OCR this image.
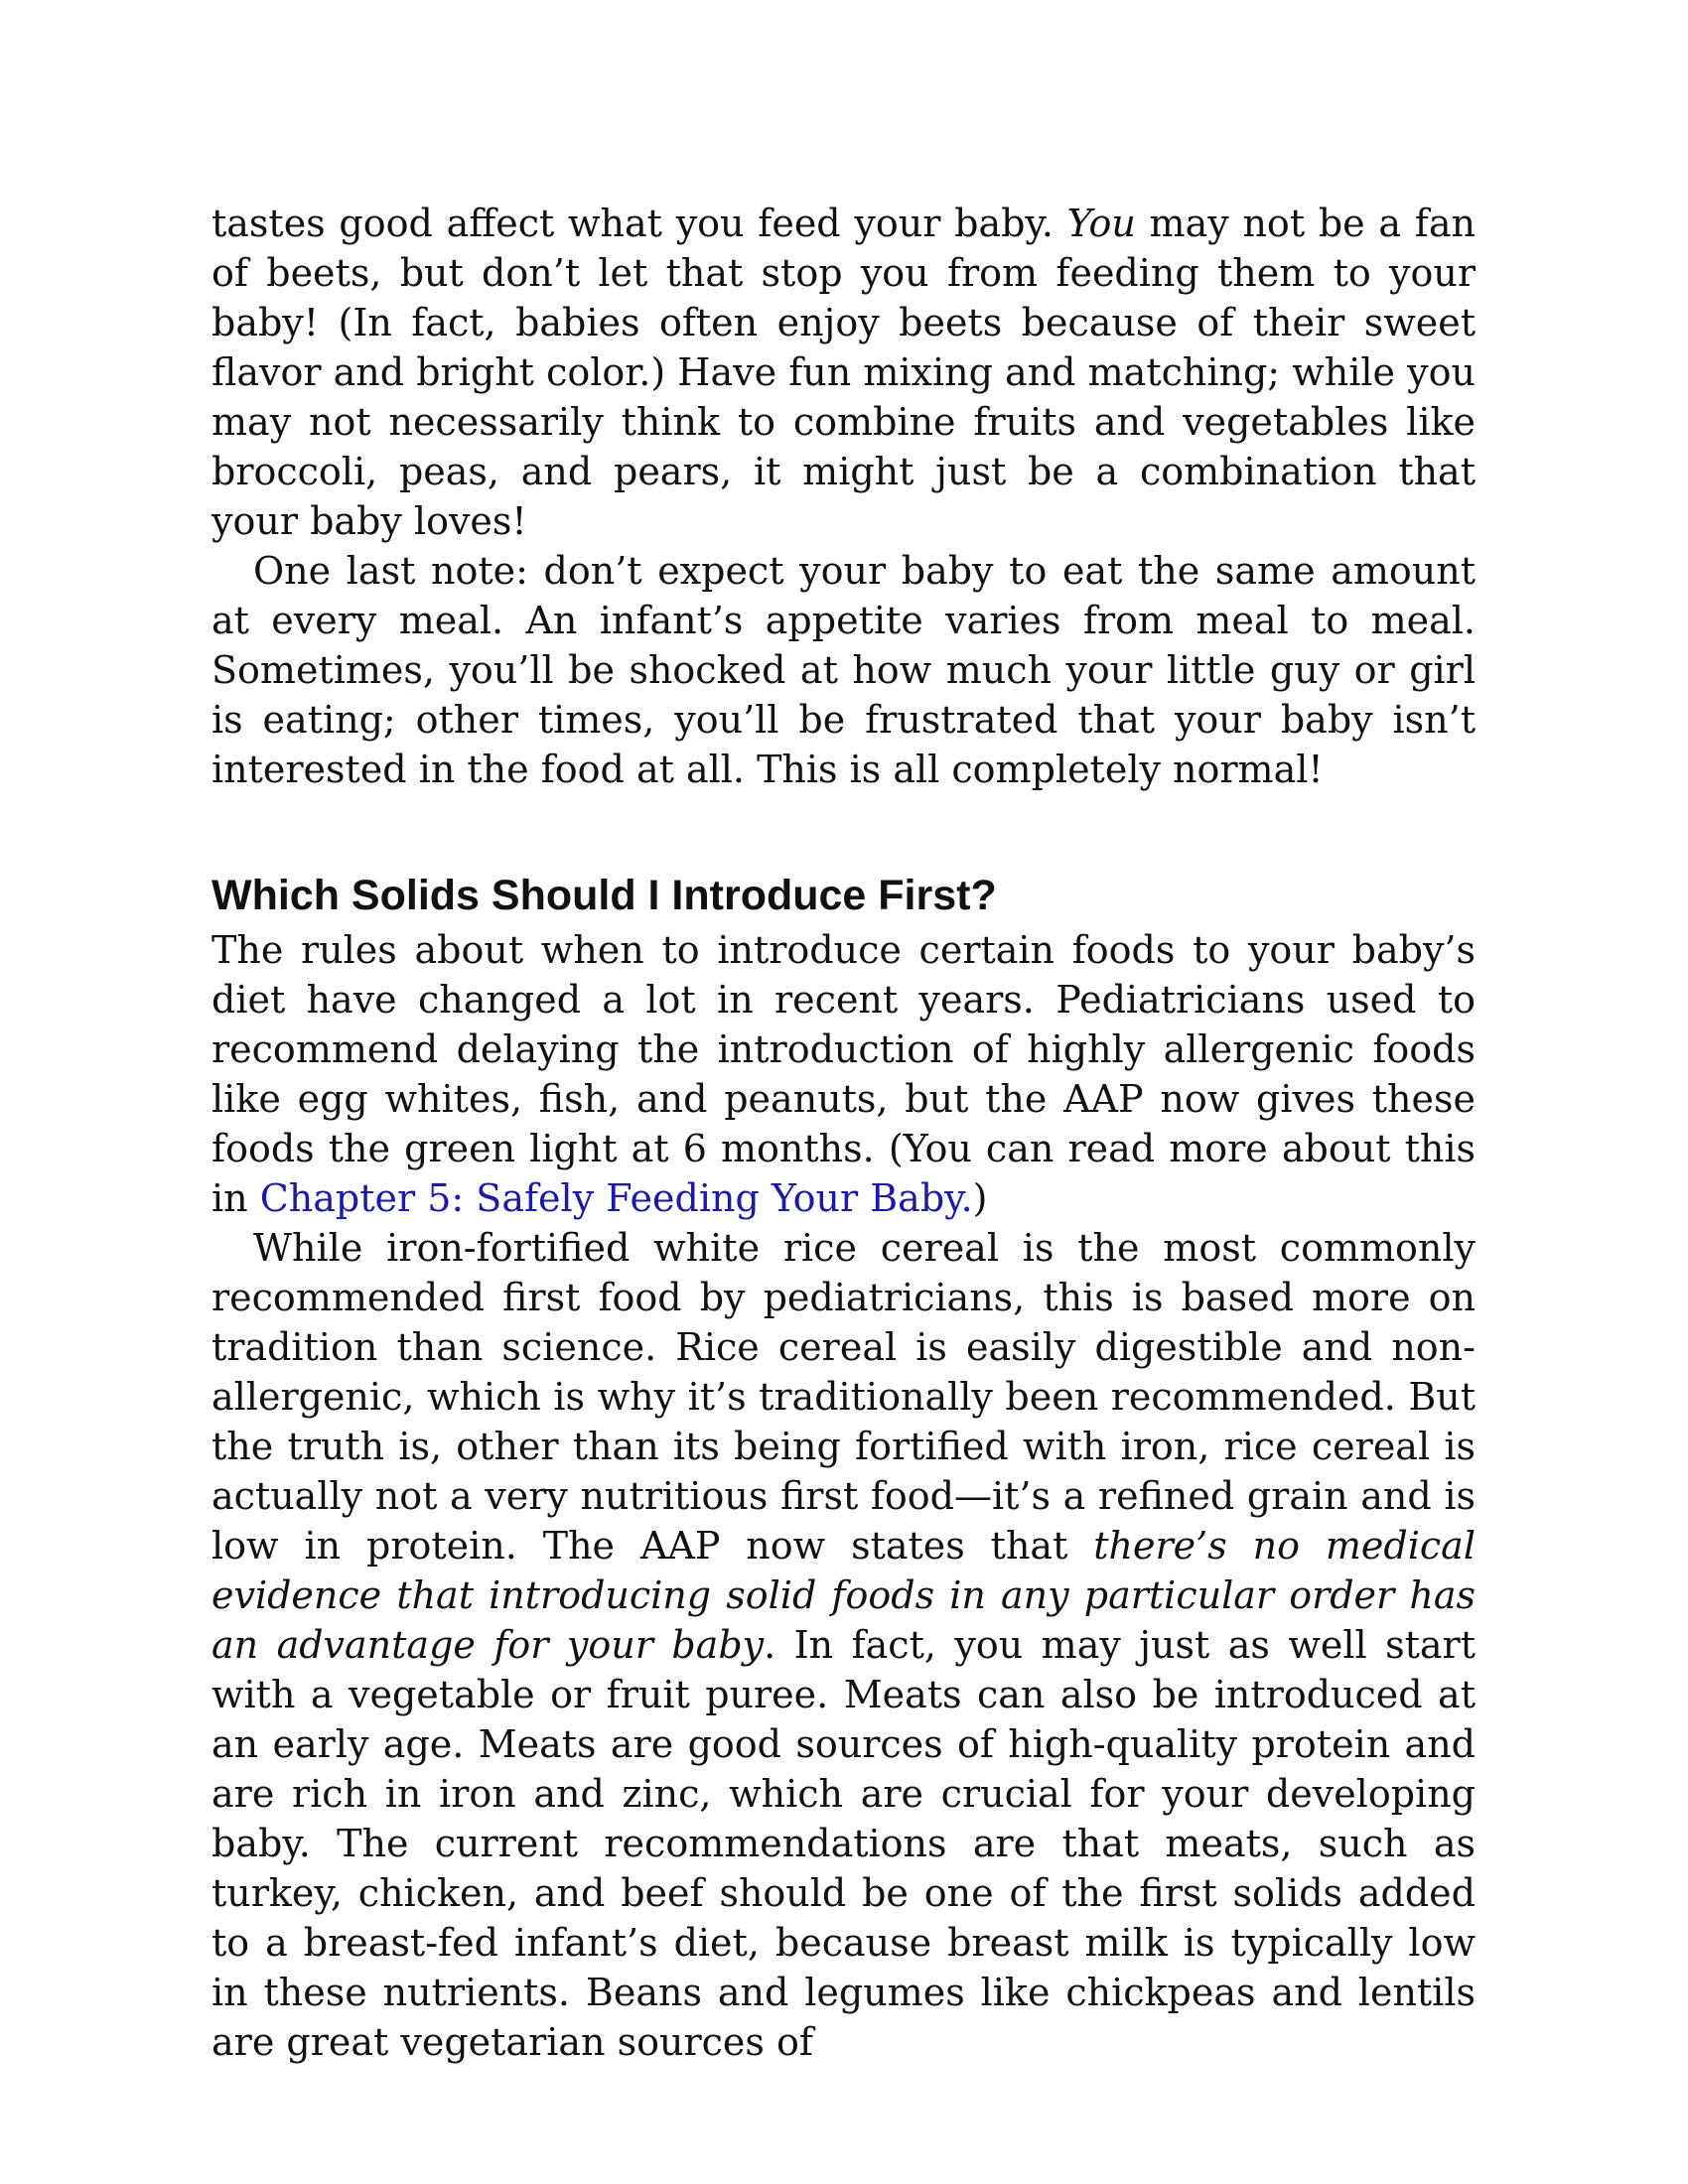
tastes good affect what you feed your baby. You may not be a fan of beets, but don’t let that stop you from feeding them to your baby! (In fact, babies often enjoy beets because of their sweet flavor and bright color.) Have fun mixing and matching; while you may not necessarily think to combine fruits and vegetables like broccoli, peas, and pears, it might just be a combination that your baby loves!

One last note: don’t expect your baby to eat the same amount at every meal. An infant’s appetite varies from meal to meal. Sometimes, you’ll be shocked at how much your little guy or girl is eating; other times, you’ll be frustrated that your baby isn’t interested in the food at all. This is all completely normal!

Which Solids Should I Introduce First?

The rules about when to introduce certain foods to your baby’s diet have changed a lot in recent years. Pediatricians used to recommend delaying the introduction of highly allergenic foods like egg whites, fish, and peanuts, but the AAP now gives these foods the green light at 6 months. (You can read more about this in Chapter 5: Safely Feeding Your Baby.)

While iron-fortified white rice cereal is the most commonly recommended first food by pediatricians, this is based more on tradition than science. Rice cereal is easily digestible and non-allergenic, which is why it’s traditionally been recommended. But the truth is, other than its being fortified with iron, rice cereal is actually not a very nutritious first food—it’s a refined grain and is low in protein. The AAP now states that there’s no medical evidence that introducing solid foods in any particular order has an advantage for your baby. In fact, you may just as well start with a vegetable or fruit puree. Meats can also be introduced at an early age. Meats are good sources of high-quality protein and are rich in iron and zinc, which are crucial for your developing baby. The current recommendations are that meats, such as turkey, chicken, and beef should be one of the first solids added to a breast-fed infant’s diet, because breast milk is typically low in these nutrients. Beans and legumes like chickpeas and lentils are great vegetarian sources of
